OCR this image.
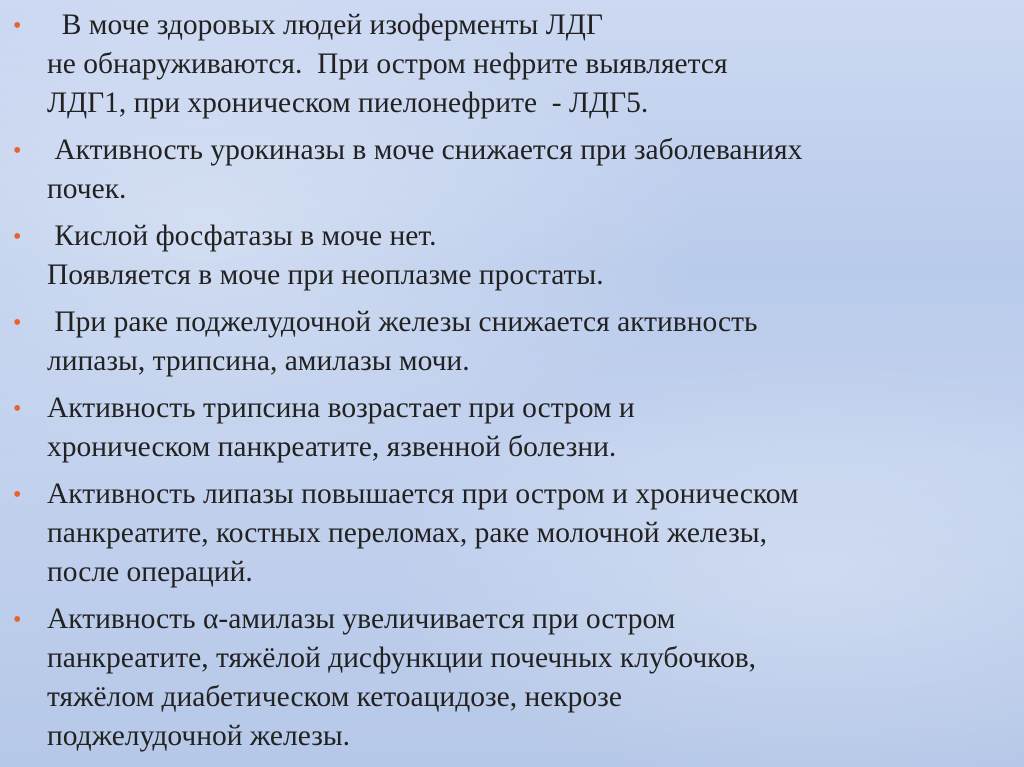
• В моче здоровых людей изоферменты ЛДГ
не обнаруживаются.  При остром нефрите выявляется
ЛДГ1, при хроническом пиелонефрите  - ЛДГ5.
• Активность урокиназы в моче снижается при заболеваниях
почек.
• Кислой фосфатазы в моче нет.
Появляется в моче при неоплазме простаты.
• При раке поджелудочной железы снижается активность
липазы, трипсина, амилазы мочи.
• Активность трипсина возрастает при остром и
хроническом панкреатите, язвенной болезни.
• Активность липазы повышается при остром и хроническом
панкреатите, костных переломах, раке молочной железы,
после операций.
• Активность α-амилазы увеличивается при остром
панкреатите, тяжёлой дисфункции почечных клубочков,
тяжёлом диабетическом кетоацидозе, некрозе
поджелудочной железы.
